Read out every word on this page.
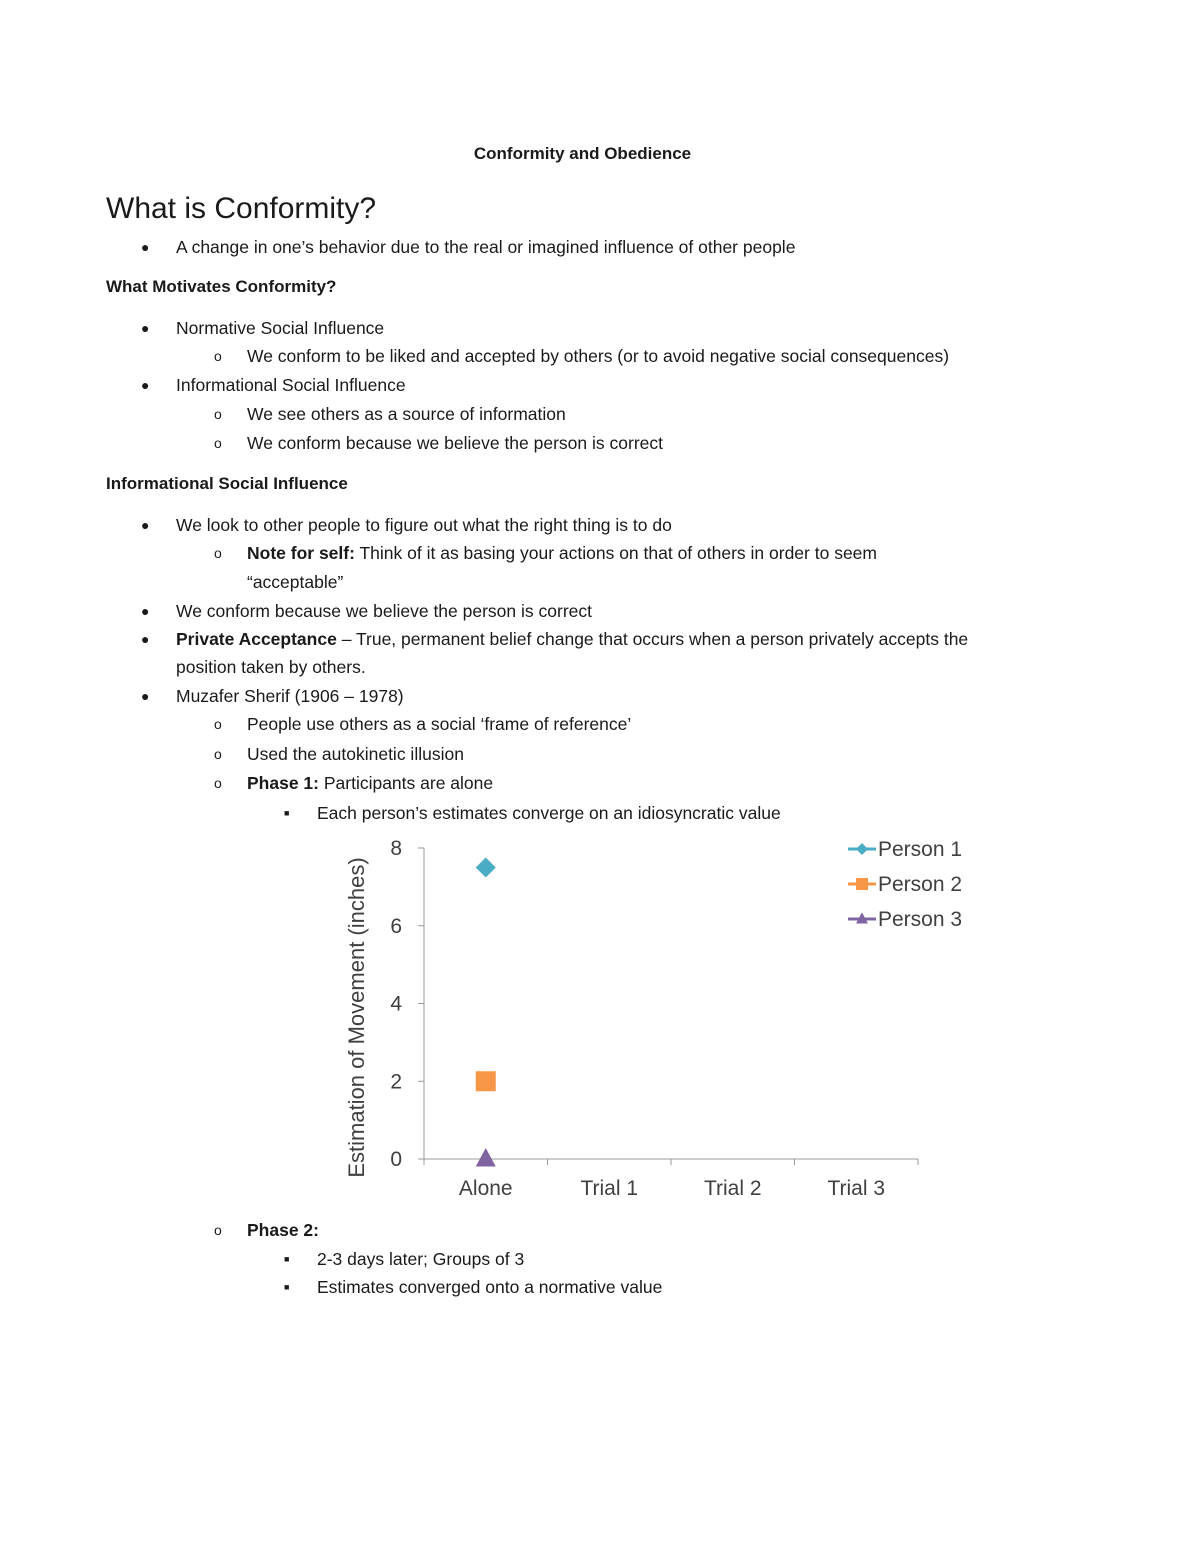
Conformity and Obedience
What is Conformity?
● A change in one’s behavior due to the real or imagined influence of other people
What Motivates Conformity?
● Normative Social Influence
o We conform to be liked and accepted by others (or to avoid negative social consequences)
● Informational Social Influence
o We see others as a source of information
o We conform because we believe the person is correct
Informational Social Influence
● We look to other people to figure out what the right thing is to do
o Note for self: Think of it as basing your actions on that of others in order to seem
“acceptable”
● We conform because we believe the person is correct
● Private Acceptance – True, permanent belief change that occurs when a person privately accepts the
position taken by others.
● Muzafer Sherif (1906 – 1978)
o People use others as a social ‘frame of reference’
o Used the autokinetic illusion
o Phase 1: Participants are alone
■ Each person’s estimates converge on an idiosyncratic value
0
2
4
6
8
Alone	Trial 1	Trial 2	Trial 3
Estimation of Movement (inches)
Person 1
Person 2
Person 3
o Phase 2:
■ 2-3 days later; Groups of 3
■ Estimates converged onto a normative value
